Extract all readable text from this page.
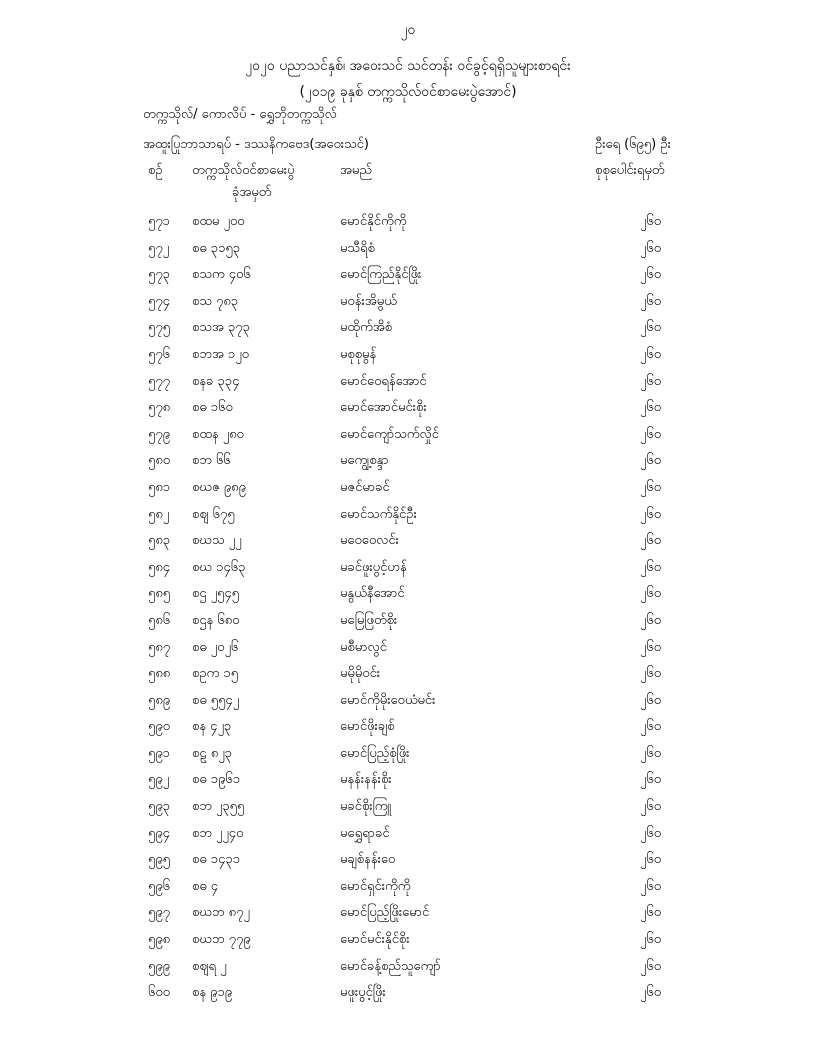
၂၀
၂၀၂၀ ပညာသင်နှစ်၊ အဝေးသင် သင်တန်း ဝင်ခွင့်ရရှိသူများစာရင်း
(၂၀၁၉ ခုနှစ် တက္ကသိုလ်ဝင်စာမေးပွဲအောင်)
တက္ကသိုလ်/ ကောလိပ် - ရွှေဘိုတက္ကသိုလ်
အထူးပြုဘာသာရပ် - ဒဿနိကဗေဒ(အဝေးသင်)	ဦးရေ (၆၉၅) ဦး
စဉ် တက္ကသိုလ်ဝင်စာမေးပွဲ
ခုံအမှတ်
အမည်	စုစုပေါင်းရမှတ်
၅၇၁ စထမ ၂၀၀	မောင်နိုင်ကိုကို	၂၆၀
၅၇၂ စဓ ၃၁၅၃	မသီရိစံ	၂၆၀
၅၇၃ စသက ၄၀၆	မောင်ကြည်နိုင်ဖြိုး	၂၆၀
၅၇၄ စသ ၇၈၃	မဝန်းအိမွယ်	၂၆၀
၅၇၅ စသအ ၃၇၃	မထိုက်အိစံ	၂၆၀
၅၇၆ စဘအ ၁၂၀	မစုစုမွန်	၂၆၀
၅၇၇ စနခ ၃၃၄	မောင်ဝေရန်အောင်	၂၆၀
၅၇၈ စဓ ၁၆၀	မောင်အောင်မင်းစိုး	၂၆၀
၅၇၉ စထန ၂၈၀	မောင်ကျော်သက်လှိုင်	၂၆၀
၅၈၀ စဘ ၆၆	မကျွေ့စန္ဒာ	၂၆၀
၅၈၁ စဃဇ ၉၈၉	မဇင်မာခင်	၂၆၀
၅၈၂ စဈ ၆၇၅	မောင်သက်နိုင်ဦး	၂၆၀
၅၈၃ စဃသ ၂၂	မဝေဝေလင်း	၂၆၀
၅၈၄ စဃ ၁၄၆၃	မခင်ဖူးပွင့်ဟန်	၂၆၀
၅၈၅ စဌ ၂၅၄၅	မနွယ်နီအောင်	၂၆၀
၅၈၆ စဌန ၆၈၀	မမြေဖြတ်စိုး	၂၆၀
၅၈၇ စဓ ၂၀၂၆	မစီမာလွင်	၂၆၀
၅၈၈ စဥက ၁၅	မမိုမိုဝင်း	၂၆၀
၅၈၉ စဓ ၅၅၄၂	မောင်ကိုမိုးဝေယံမင်း	၂၆၀
၅၉၀ စန ၄၂၃	မောင်ဖိုးချစ်	၂၆၀
၅၉၁ စဠ ၈၂၃	မောင်ပြည့်စုံဖြိုး	၂၆၀
၅၉၂ စဓ ၁၉၆၁	မနန်းနန်းစိုး	၂၆၀
၅၉၃ စဘ ၂၃၅၅	မခင်စိုးကြူ	၂၆၀
၅၉၄ စဘ ၂၂၄၀	မရွှေရာခင်	၂၆၀
၅၉၅ စဓ ၁၄၃၁	မချစ်နန်းဝေ	၂၆၀
၅၉၆ စဓ ၄	မောင်ရှင်းကိုကို	၂၆၀
၅၉၇ စဃဘ ၈၇၂	မောင်ပြည့်ဖြိုးမောင်	၂၆၀
၅၉၈ စဃဘ ၇၇၉	မောင်မင်းနိုင်စိုး	၂၆၀
၅၉၉ စဈရ ၂	မောင်ခန့်စည်သူကျော်	၂၆၀
၆၀၀ စန ၉၁၉	မဖူးပွင့်ဖြိုး	၂၆၀
